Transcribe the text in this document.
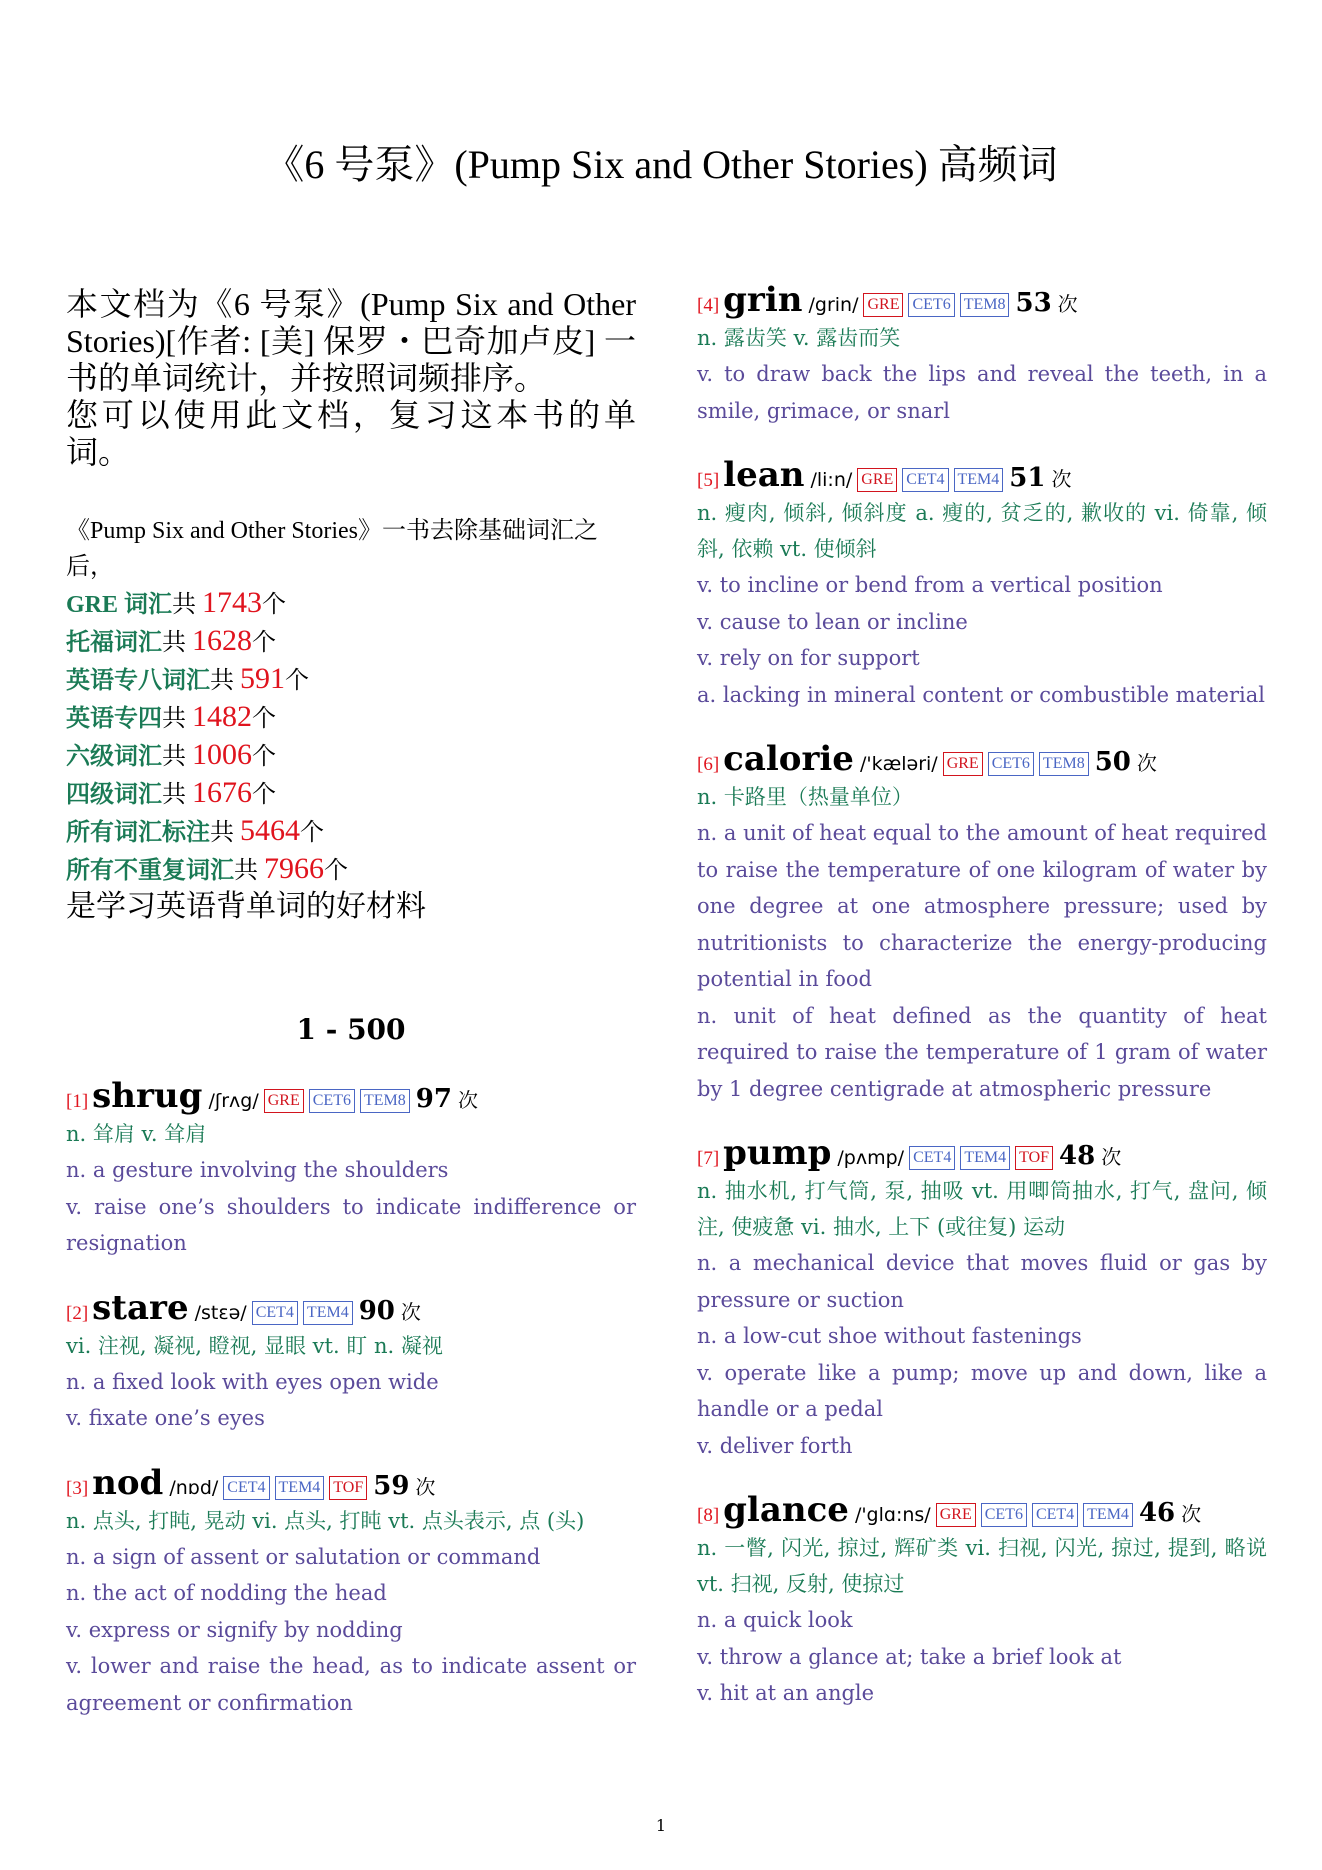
《6 号泵》(Pump Six and Other Stories) 高频词

本文档为《6 号泵》(Pump Six and Other Stories)[作者: [美] 保罗・巴奇加卢皮] 一书的单词统计，并按照词频排序。

您可以使用此文档，复习这本书的单词。

《Pump Six and Other Stories》一书去除基础词汇之后，
GRE 词汇共 1743个
托福词汇共 1628个
英语专八词汇共 591个
英语专四共 1482个
六级词汇共 1006个
四级词汇共 1676个
所有词汇标注共 5464个
所有不重复词汇共 7966个
是学习英语背单词的好材料
1 - 500
[1] shrug /ʃrʌg/ GRE CET6 TEM8 97 次
n. 耸肩 v. 耸肩
n. a gesture involving the shoulders
v. raise one’s shoulders to indicate indifference or resignation
[2] stare /stɛə/ CET4 TEM4 90 次
vi. 注视, 凝视, 瞪视, 显眼 vt. 盯 n. 凝视
n. a fixed look with eyes open wide
v. fixate one’s eyes
[3] nod /nɒd/ CET4 TEM4 TOF 59 次
n. 点头, 打盹, 晃动 vi. 点头, 打盹 vt. 点头表示, 点 (头)
n. a sign of assent or salutation or command
n. the act of nodding the head
v. express or signify by nodding
v. lower and raise the head, as to indicate assent or agreement or confirmation
[4] grin /grin/ GRE CET6 TEM8 53 次
n. 露齿笑 v. 露齿而笑
v. to draw back the lips and reveal the teeth, in a smile, grimace, or snarl
[5] lean /li:n/ GRE CET4 TEM4 51 次
n. 瘦肉, 倾斜, 倾斜度 a. 瘦的, 贫乏的, 歉收的 vi. 倚靠, 倾斜, 依赖 vt. 使倾斜
v. to incline or bend from a vertical position
v. cause to lean or incline
v. rely on for support
a. lacking in mineral content or combustible material
[6] calorie /'kæləri/ GRE CET6 TEM8 50 次
n. 卡路里（热量单位）
n. a unit of heat equal to the amount of heat required to raise the temperature of one kilogram of water by one degree at one atmosphere pressure; used by nutritionists to characterize the energy-producing potential in food
n. unit of heat defined as the quantity of heat required to raise the temperature of 1 gram of water by 1 degree centigrade at atmospheric pressure
[7] pump /pʌmp/ CET4 TEM4 TOF 48 次
n. 抽水机, 打气筒, 泵, 抽吸 vt. 用唧筒抽水, 打气, 盘问, 倾注, 使疲惫 vi. 抽水, 上下 (或往复) 运动
n. a mechanical device that moves fluid or gas by pressure or suction
n. a low-cut shoe without fastenings
v. operate like a pump; move up and down, like a handle or a pedal
v. deliver forth
[8] glance /'glɑ:ns/ GRE CET6 CET4 TEM4 46 次
n. 一瞥, 闪光, 掠过, 辉矿类 vi. 扫视, 闪光, 掠过, 提到, 略说 vt. 扫视, 反射, 使掠过
n. a quick look
v. throw a glance at; take a brief look at
v. hit at an angle
1
